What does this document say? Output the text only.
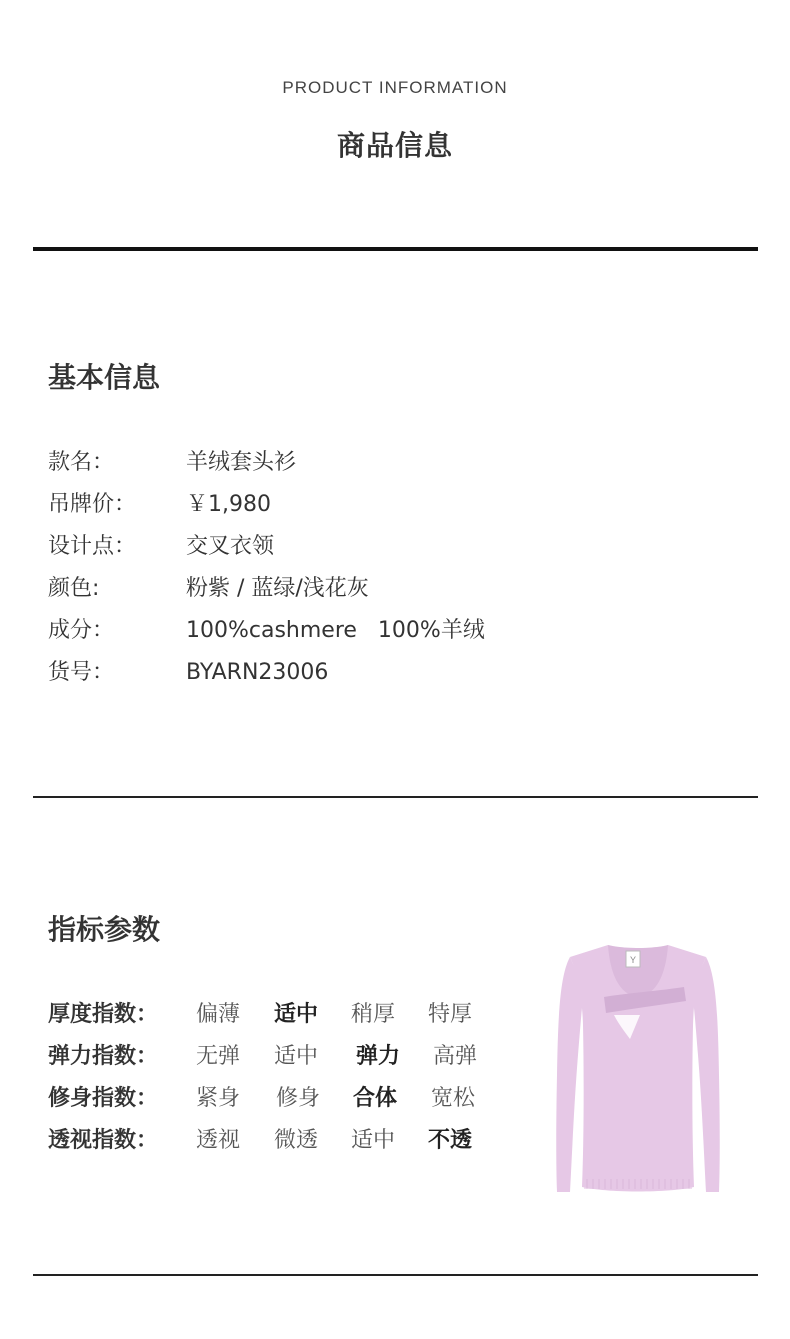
PRODUCT INFORMATION
商品信息
基本信息
款名：	羊绒套头衫
吊牌价： ￥1,980
设计点： 交叉衣领
颜色:	粉紫 / 蓝绿/浅花灰
成分：	100%cashmere   100%羊绒
货号：	BYARN23006
指标参数
厚度指数： 偏薄 适中 稍厚 特厚
弹力指数： 无弹 适中 弹力 高弹
修身指数： 紧身 修身 合体 宽松
透视指数： 透视 微透 适中 不透
Y
